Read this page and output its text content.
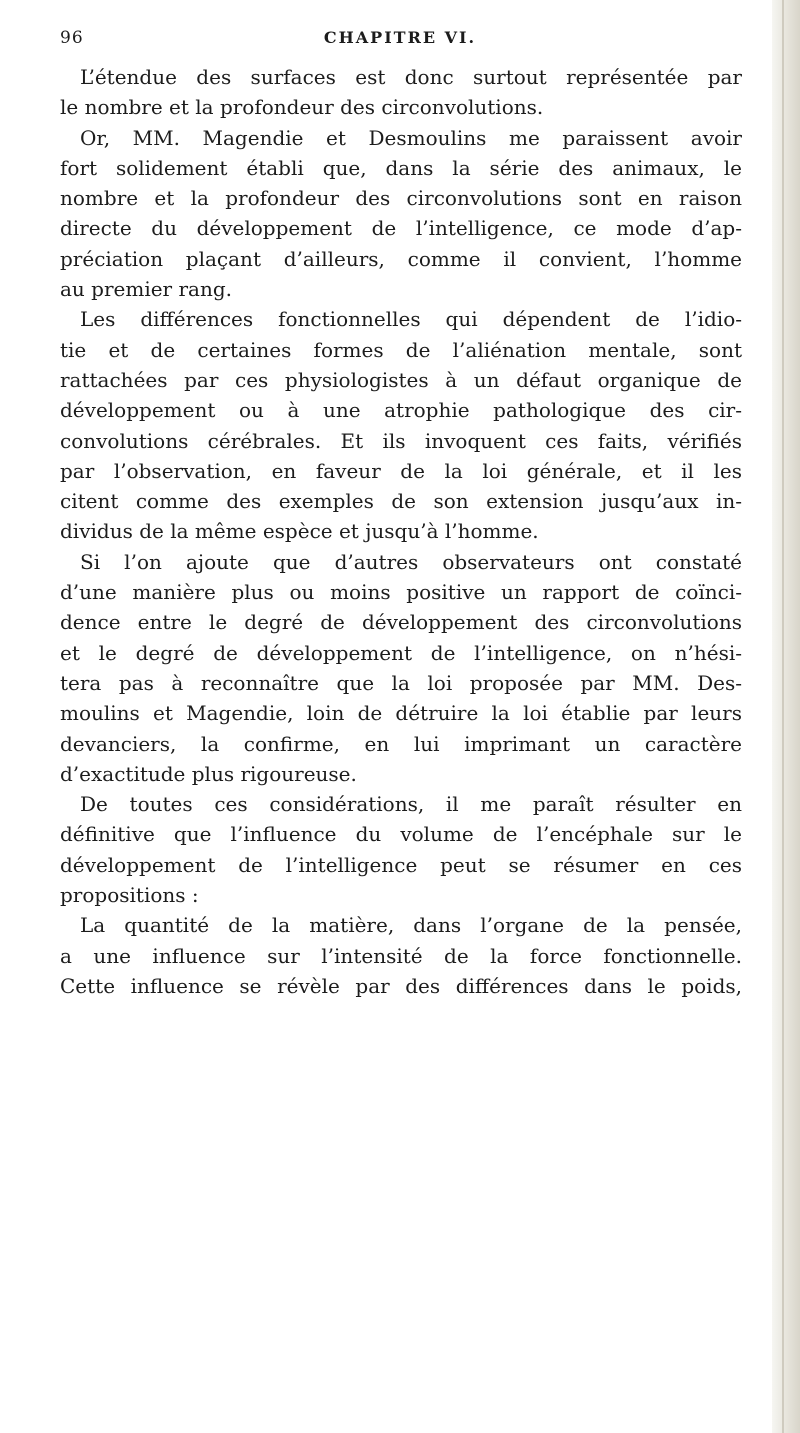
96	CHAPITRE VI.
L’étendue des surfaces est donc surtout représentée par
le nombre et la profondeur des circonvolutions.
Or, MM. Magendie et Desmoulins me paraissent avoir
fort solidement établi que, dans la série des animaux, le
nombre et la profondeur des circonvolutions sont en raison
directe du développement de l’intelligence, ce mode d’ap-
préciation plaçant d’ailleurs, comme il convient, l’homme
au premier rang.
Les différences fonctionnelles qui dépendent de l’idio-
tie et de certaines formes de l’aliénation mentale, sont
rattachées par ces physiologistes à un défaut organique de
développement ou à une atrophie pathologique des cir-
convolutions cérébrales. Et ils invoquent ces faits, vérifiés
par l’observation, en faveur de la loi générale, et il les
citent comme des exemples de son extension jusqu’aux in-
dividus de la même espèce et jusqu’à l’homme.
Si l’on ajoute que d’autres observateurs ont constaté
d’une manière plus ou moins positive un rapport de coïnci-
dence entre le degré de développement des circonvolutions
et le degré de développement de l’intelligence, on n’hési-
tera pas à reconnaître que la loi proposée par MM. Des-
moulins et Magendie, loin de détruire la loi établie par leurs
devanciers, la confirme, en lui imprimant un caractère
d’exactitude plus rigoureuse.
De toutes ces considérations, il me paraît résulter en
définitive que l’influence du volume de l’encéphale sur le
développement de l’intelligence peut se résumer en ces
propositions :
La quantité de la matière, dans l’organe de la pensée,
a une influence sur l’intensité de la force fonctionnelle.
Cette influence se révèle par des différences dans le poids,
